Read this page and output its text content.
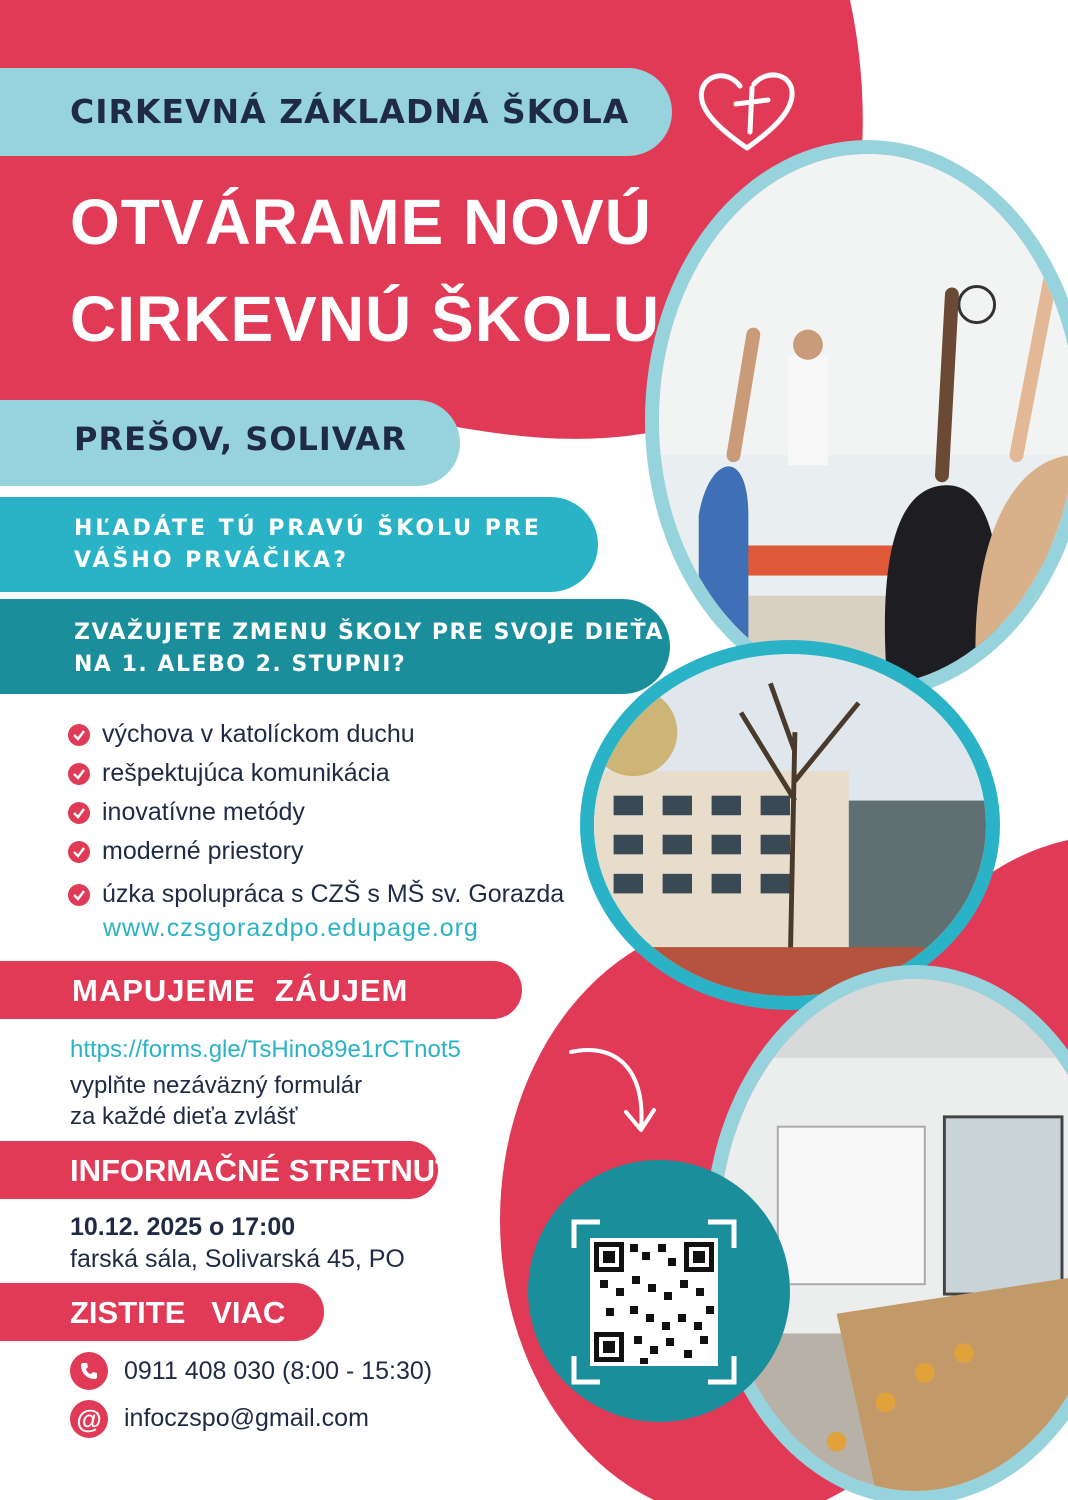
CIRKEVNÁ ZÁKLADNÁ ŠKOLA
OTVÁRAME NOVÚ
CIRKEVNÚ ŠKOLU
PREŠOV, SOLIVAR
HĽADÁTE TÚ PRAVÚ ŠKOLU PRE
VÁŠHO PRVÁČIKA?
ZVAŽUJETE ZMENU ŠKOLY PRE SVOJE DIEŤA
NA 1. ALEBO 2. STUPNI?
výchova v katolíckom duchu
rešpektujúca komunikácia
inovatívne metódy
moderné priestory
úzka spolupráca s CZŠ s MŠ sv. Gorazda
www.czsgorazdpo.edupage.org
MAPUJEME  ZÁUJEM
https://forms.gle/TsHino89e1rCTnot5
vyplňte nezáväzný formulár
za každé dieťa zvlášť
INFORMAČNÉ STRETNUTIE
10.12. 2025 o 17:00
farská sála, Solivarská 45, PO
ZISTITE   VIAC
0911 408 030 (8:00 - 15:30)
@ infoczspo@gmail.com
